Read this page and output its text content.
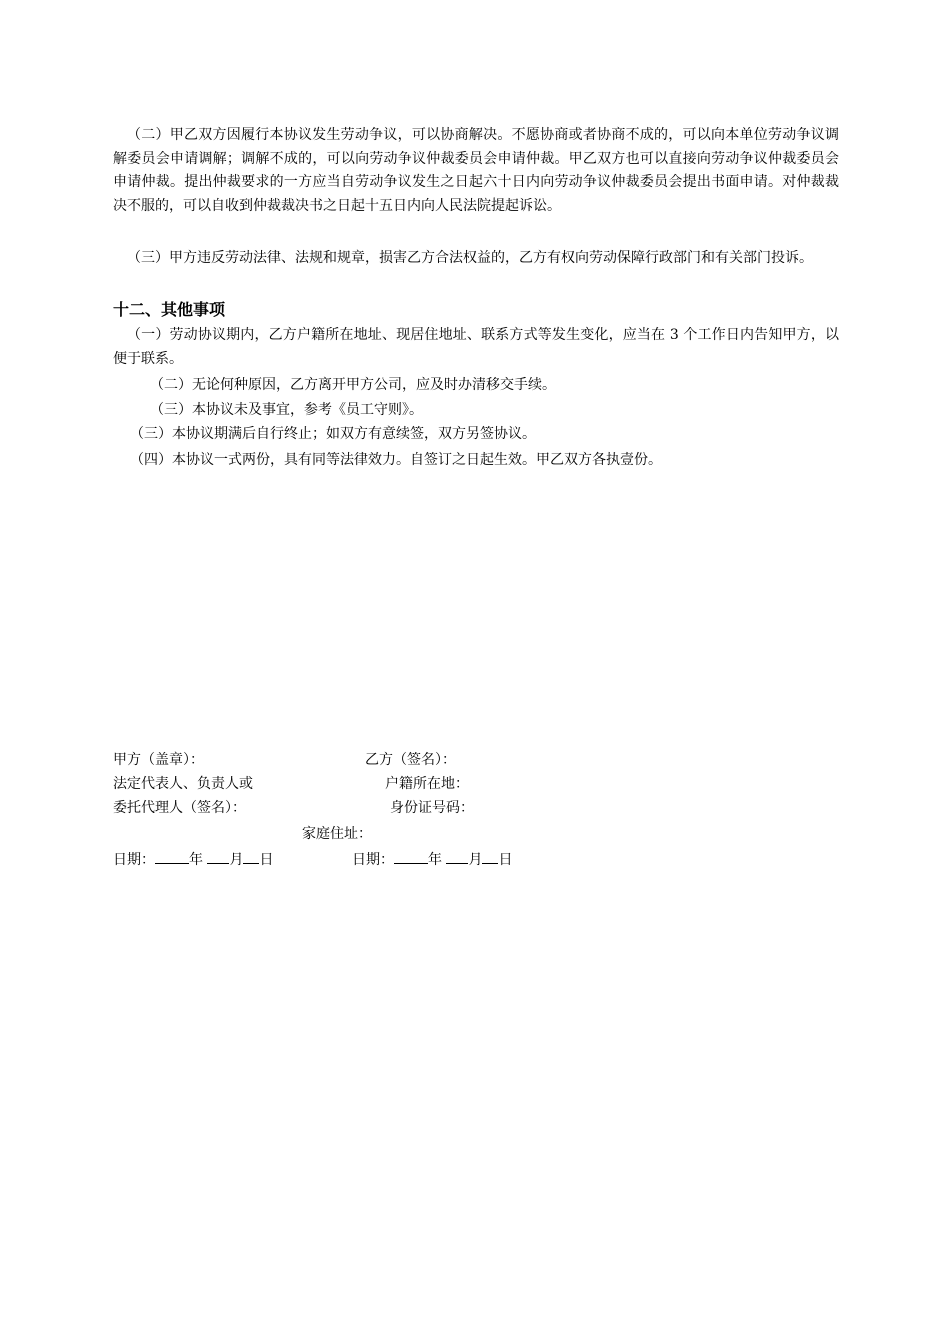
（二）甲乙双方因履行本协议发生劳动争议，可以协商解决。不愿协商或者协商不成的，可以向本单位劳动争议调解委员会申请调解；调解不成的，可以向劳动争议仲裁委员会申请仲裁。甲乙双方也可以直接向劳动争议仲裁委员会申请仲裁。提出仲裁要求的一方应当自劳动争议发生之日起六十日内向劳动争议仲裁委员会提出书面申请。对仲裁裁决不服的，可以自收到仲裁裁决书之日起十五日内向人民法院提起诉讼。

（三）甲方违反劳动法律、法规和规章，损害乙方合法权益的，乙方有权向劳动保障行政部门和有关部门投诉。

十二、其他事项

（一）劳动协议期内，乙方户籍所在地址、现居住地址、联系方式等发生变化，应当在 3 个工作日内告知甲方，以便于联系。

（二）无论何种原因，乙方离开甲方公司，应及时办清移交手续。

（三）本协议未及事宜，参考《员工守则》。

（三）本协议期满后自行终止；如双方有意续签，双方另签协议。

（四）本协议一式两份，具有同等法律效力。自签订之日起生效。甲乙双方各执壹份。

甲方（盖章）：	乙方（签名）：

法定代表人、负责人或	户籍所在地：

委托代理人（签名）：	身份证号码：

家庭住址：

日期： 年 月 日	日期： 年 月 日
